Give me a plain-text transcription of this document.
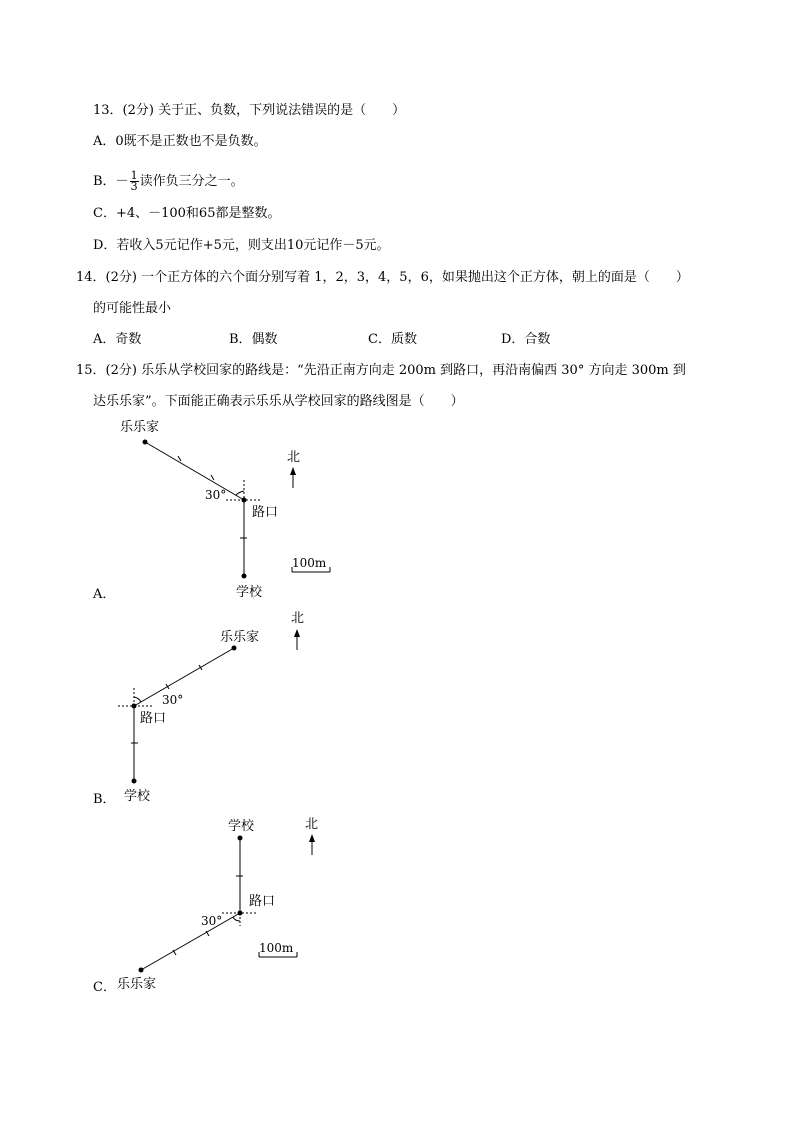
13．(2分) 关于正、负数，下列说法错误的是（　　）
A．0既不是正数也不是负数。
B．－ $\frac{1}{3}$ 读作负三分之一。
C．+4、－100和65都是整数。
D．若收入5元记作+5元，则支出10元记作－5元。
14．(2分) 一个正方体的六个面分别写着 1，2，3，4，5，6，如果抛出这个正方体，朝上的面是（　　）
的可能性最小
A．奇数	B．偶数	C．质数	D．合数
15．(2分) 乐乐从学校回家的路线是：“先沿正南方向走 200m 到路口，再沿南偏西 30° 方向走 300m 到
达乐乐家”。下面能正确表示乐乐从学校回家的路线图是（　　）
乐乐家
30°
路口
学校
北
100m
A．
乐乐家
30°
路口
学校
北
B．
学校
路口
30°
北
100m
乐乐家
C．
